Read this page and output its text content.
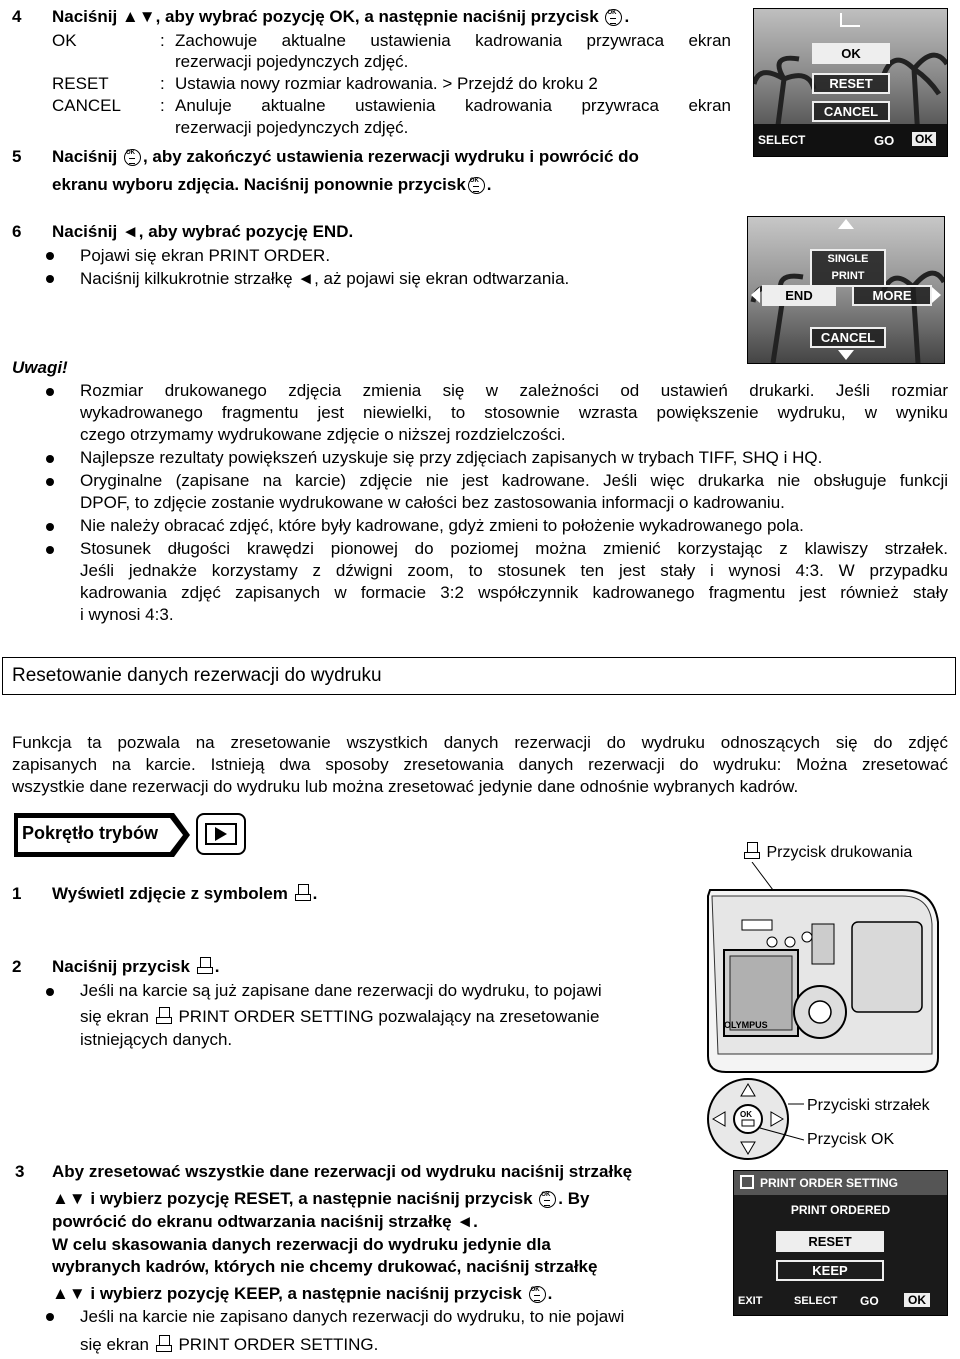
4 Naciśnij ▲▼, aby wybrać pozycję OK, a następnie naciśnij przycisk OK .
OK	: Zachowuje aktualne ustawienia kadrowania przywraca ekran
rezerwacji pojedynczych zdjęć.
RESET	: Ustawia nowy rozmiar kadrowania. > Przejdź do kroku 2
CANCEL : Anuluje aktualne ustawienia kadrowania przywraca ekran
rezerwacji pojedynczych zdjęć.
5 Naciśnij OK , aby zakończyć ustawienia rezerwacji wydruku i powrócić do
ekranu wyboru zdjęcia. Naciśnij ponownie przycisk OK .
OK
RESET
CANCEL
SELECT	GO OK
6 Naciśnij ◄, aby wybrać pozycję END.
Pojawi się ekran PRINT ORDER.
Naciśnij kilkukrotnie strzałkę ◄, aż pojawi się ekran odtwarzania.
SINGLE PRINT
END	MORE
CANCEL
Uwagi!
Rozmiar drukowanego zdjęcia zmienia się w zależności od ustawień drukarki. Jeśli rozmiar
wykadrowanego fragmentu jest niewielki, to stosownie wzrasta powiększenie wydruku, w wyniku
czego otrzymamy wydrukowane zdjęcie o niższej rozdzielczości.
Najlepsze rezultaty powiększeń uzyskuje się przy zdjęciach zapisanych w trybach TIFF, SHQ i HQ.
Oryginalne (zapisane na karcie) zdjęcie nie jest kadrowane. Jeśli więc drukarka nie obsługuje funkcji
DPOF, to zdjęcie zostanie wydrukowane w całości bez zastosowania informacji o kadrowaniu.
Nie należy obracać zdjęć, które były kadrowane, gdyż zmieni to położenie wykadrowanego pola.
Stosunek długości krawędzi pionowej do poziomej można zmienić korzystając z klawiszy strzałek.
Jeśli jednakże korzystamy z dźwigni zoom, to stosunek ten jest stały i wynosi 4:3. W przypadku
kadrowania zdjęć zapisanych w formacie 3:2 współczynnik kadrowanego fragmentu jest również stały
i wynosi 4:3.
Resetowanie danych rezerwacji do wydruku
Funkcja ta pozwala na zresetowanie wszystkich danych rezerwacji do wydruku odnoszących się do zdjęć
zapisanych na karcie. Istnieją dwa sposoby zresetowania danych rezerwacji do wydruku: Można zresetować
wszystkie dane rezerwacji do wydruku lub można zresetować jedynie dane odnośnie wybranych kadrów.
Pokrętło trybów
Przycisk drukowania
OLYMPUS
1 Wyświetl zdjęcie z symbolem .
2 Naciśnij przycisk .
Jeśli na karcie są już zapisane dane rezerwacji do wydruku, to pojawi
się ekran PRINT ORDER SETTING pozwalający na zresetowanie
istniejących danych.
OK
Przyciski strzałek
Przycisk OK
3 Aby zresetować wszystkie dane rezerwacji od wydruku naciśnij strzałkę
▲▼ i wybierz pozycję RESET, a następnie naciśnij przycisk OK . By
powrócić do ekranu odtwarzania naciśnij strzałkę ◄.
W celu skasowania danych rezerwacji do wydruku jedynie dla
wybranych kadrów, których nie chcemy drukować, naciśnij strzałkę
▲▼ i wybierz pozycję KEEP, a następnie naciśnij przycisk OK .
Jeśli na karcie nie zapisano danych rezerwacji do wydruku, to nie pojawi
się ekran PRINT ORDER SETTING.
PRINT ORDER SETTING
PRINT ORDERED
RESET
KEEP
EXIT	SELECT GO	OK
